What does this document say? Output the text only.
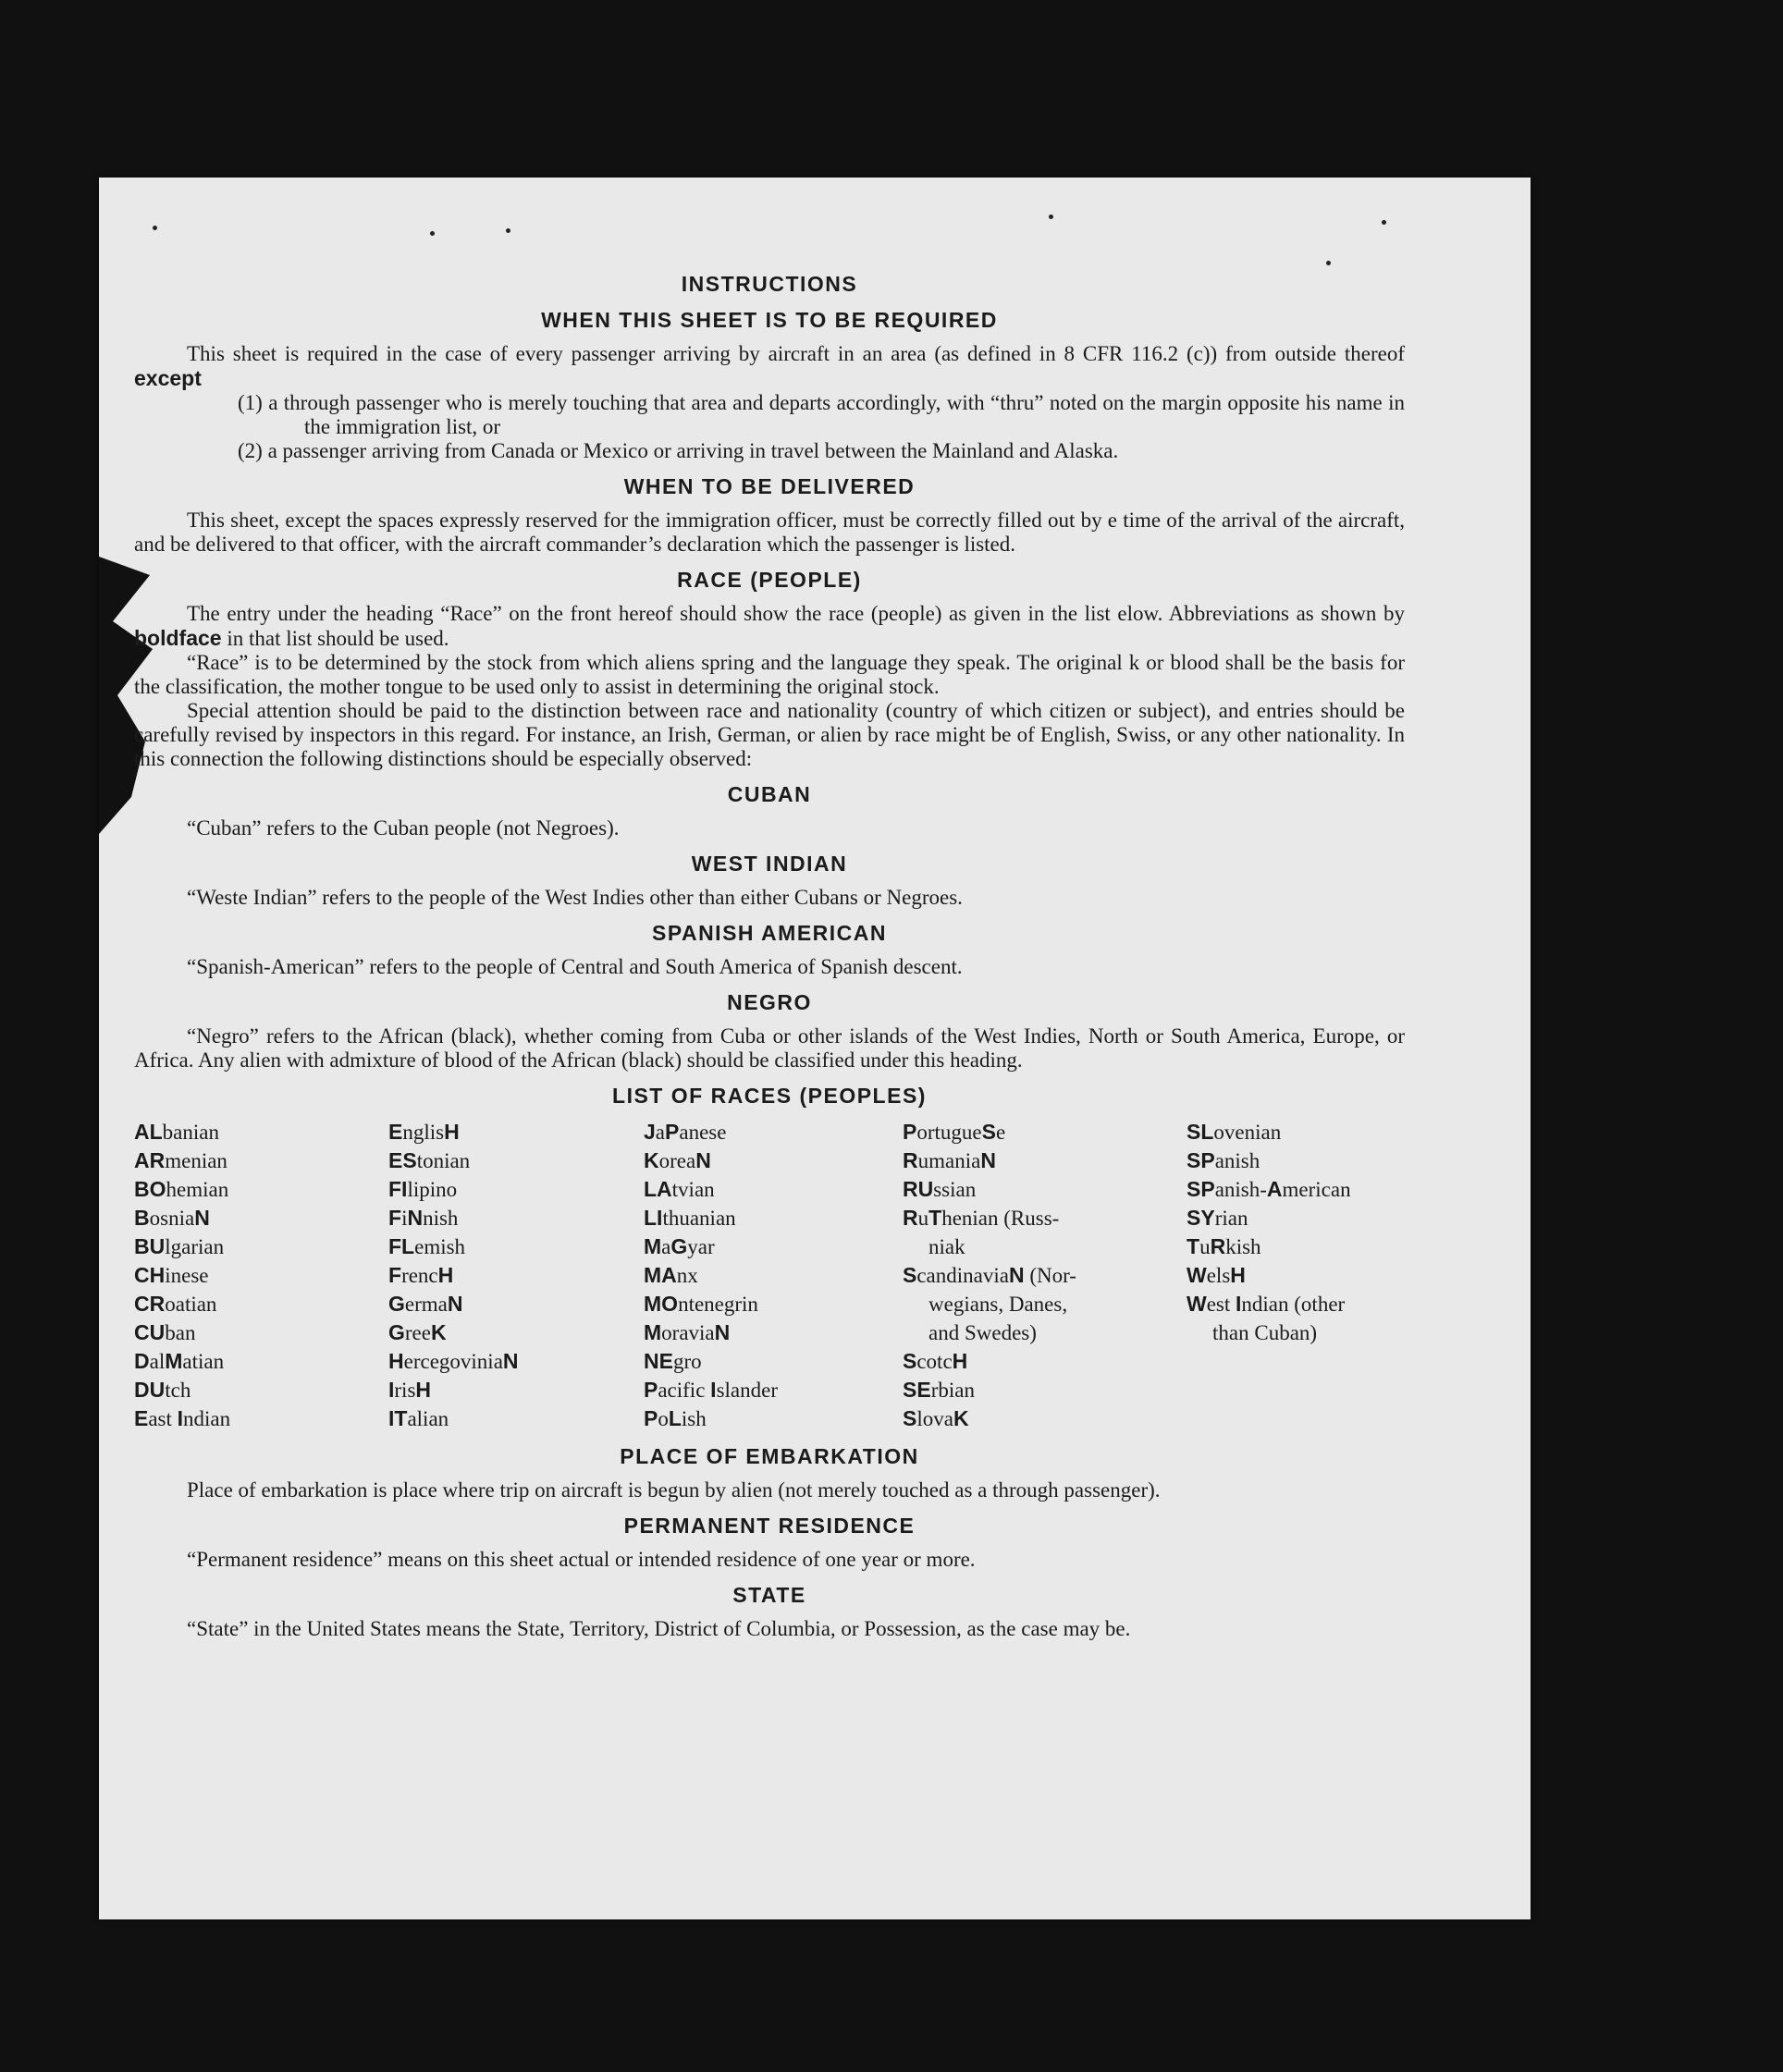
INSTRUCTIONS
WHEN THIS SHEET IS TO BE REQUIRED

This sheet is required in the case of every passenger arriving by aircraft in an area (as defined in 8 CFR 116.2 (c)) from outside thereof except

(1) a through passenger who is merely touching that area and departs accordingly, with “thru” noted on the margin opposite his name in the immigration list, or

(2) a passenger arriving from Canada or Mexico or arriving in travel between the Mainland and Alaska.

WHEN TO BE DELIVERED

This sheet, except the spaces expressly reserved for the immigration officer, must be correctly filled out by e time of the arrival of the aircraft, and be delivered to that officer, with the aircraft commander’s declaration which the passenger is listed.

RACE (PEOPLE)

The entry under the heading “Race” on the front hereof should show the race (people) as given in the list elow. Abbreviations as shown by boldface in that list should be used.

“Race” is to be determined by the stock from which aliens spring and the language they speak. The original k or blood shall be the basis for the classification, the mother tongue to be used only to assist in determining the original stock.

Special attention should be paid to the distinction between race and nationality (country of which citizen or subject), and entries should be carefully revised by inspectors in this regard. For instance, an Irish, German, or alien by race might be of English, Swiss, or any other nationality. In this connection the following distinctions should be especially observed:

CUBAN

“Cuban” refers to the Cuban people (not Negroes).

WEST INDIAN

“Weste Indian” refers to the people of the West Indies other than either Cubans or Negroes.

SPANISH AMERICAN

“Spanish-American” refers to the people of Central and South America of Spanish descent.

NEGRO

“Negro” refers to the African (black), whether coming from Cuba or other islands of the West Indies, North or South America, Europe, or Africa. Any alien with admixture of blood of the African (black) should be classified under this heading.

LIST OF RACES (PEOPLES)
ALbanian
ARmenian
BOhemian
BosniaN
BUlgarian
CHinese
CRoatian
CUban
DalMatian
DUtch
East Indian
EnglisH
EStonian
FIlipino
FiNnish
FLemish
FrencH
GermaN
GreeK
HercegoviniaN
IrisH
ITalian
JaPanese
KoreaN
LAtvian
LIthuanian
MaGyar
MAnx
MOntenegrin
MoraviaN
NEgro
Pacific Islander
PoLish
PortugueSe
RumaniaN
RUssian
RuThenian (Russ-
niak
ScandinaviaN (Nor-
wegians, Danes,
and Swedes)
ScotcH
SErbian
SlovaK
SLovenian
SPanish
SPanish-American
SYrian
TuRkish
WelsH
West Indian (other
than Cuban)
PLACE OF EMBARKATION

Place of embarkation is place where trip on aircraft is begun by alien (not merely touched as a through passenger).

PERMANENT RESIDENCE

“Permanent residence” means on this sheet actual or intended residence of one year or more.

STATE

“State” in the United States means the State, Territory, District of Columbia, or Possession, as the case may be.
